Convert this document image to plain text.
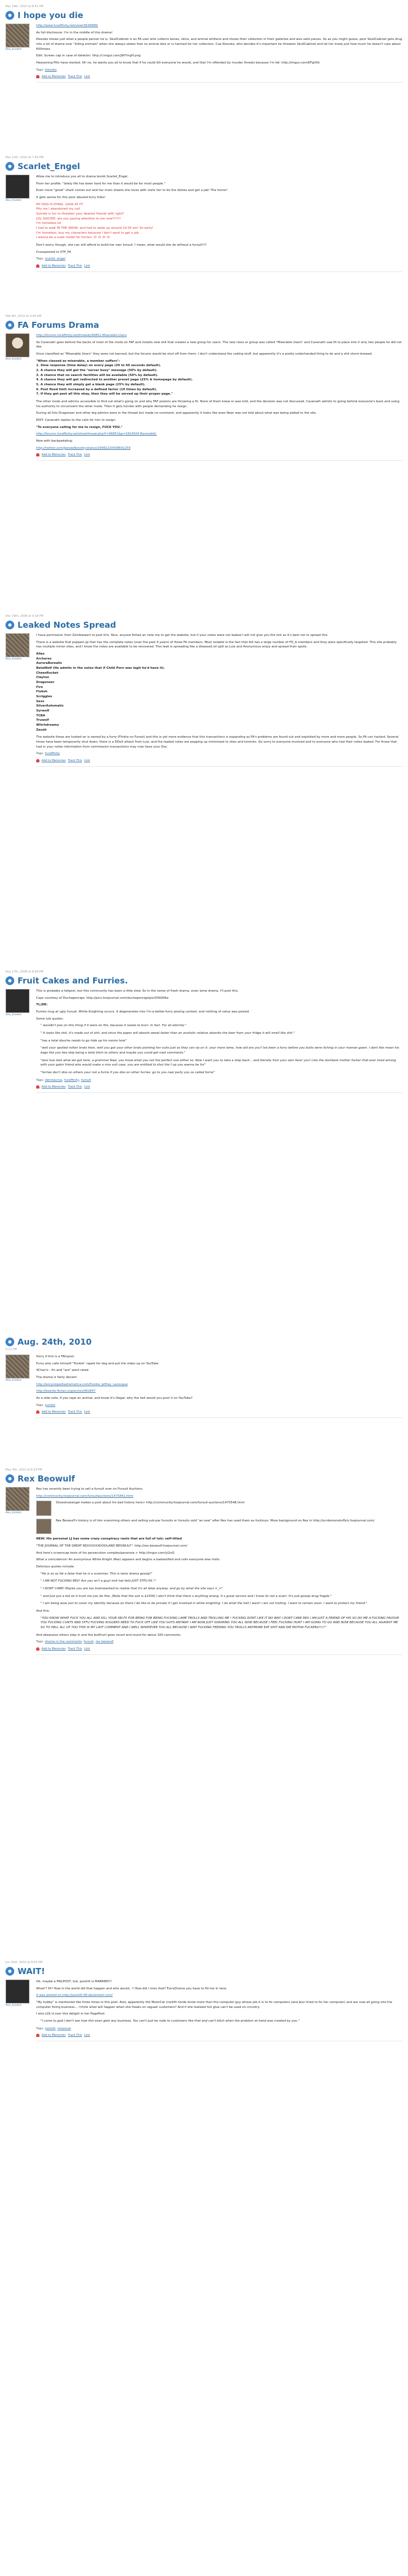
Mar 19th, 2010 at 8:41 PM
I hope you die
Alex_Incidect

http://www.furaffinity.net/view/3636888/

As full disclosure: I'm in the middle of this drama!

Klevoko shows just what a people person he is. SkullCabinet is an FA user who collects bones, skins, and animal artifacts and shows their collection in their galleries and also sells pieces. So as you might guess, poor SkullCabinet gets drug into a lot of drama over "killing animals" when she always states that no animal dies or is harmed for her collection. Cue Klevoko, who decides it's important he threaten SkullCabinet and let her know just how much he doesn't care about 600mass.

Edit: Screen cap in case of deletion: http://i.imgur.com/J9f7mgH.png

Heavening Pills have started: Oh no, he wants you all to know that if he could kill everyone he would, and that I'm offended by murder threats because I'm fat: http://imgur.com/KFgV0k

Tags: klevoko
Add to Memories Track This Link
Mar 12th, 2010 at 7:49 PM
Scarlet_Engel
Alex_Incidect

Allow me to introduce you all to drama bomb Scarlet_Engel.

From her profile: "lately life has been hard for me than it would be for most people."

Even more "great" shark comes out and her mom sheets she loves with visits her to do the dishes and get a job! The horror!

It gets worse for this poor abused furry folks!

MY DOG IS DYING. LOOK AT IT!
Pity me I abandoned my cat!
Suicide is fun to threaten your dearest friends with right?
LOL SUICIDE, are you paying attention to me now?!?!?!
I'm homeless lol
I had to walk IN THE SNOW, and had to wake up around 10:30 am! So early!
I'm homeless, buy my characters because I don't want to get a job.
I wanna be a nude model for furries! :D :D :D :D

Don't worry though, she can still afford to build her own fursuit. I mean, what would she do without a fursuit?!?

Crossposted to VTP_FA

Tags: scarlet_engel
Add to Memories Track This Link
Feb 4th, 2010 at 2:40 AM
FA Forums Drama
Alex_Incidect

http://forums.furaffinity.net/threads/96851-Miserable-Users

So Cavenath goes behind the backs of most of the mods on FAF and installs new shit that creates a new group for users. The new class or group was called "Miserable Users" and Cavenath saw fit to place into it only two people he did not like.

Once classified as "Miserable Users" they were not banned, but the forums would be shut off from them. I don't understand the coding stuff, but apparently it's a pretty underhanded thing to do and a shit storm brewed.

"When classed as miserable, a member suffers":
1. Slow response (time delay) on every page (20 to 60 seconds default).
2. A chance they will get the "server busy" message (50% by default).
3. A chance that no search facilities will be available (50% by default).
4. A chance they will get redirected to another preset page (25% & homepage by default).
5. A chance they will simply get a blank page (25% by default).
6. Post flood limit increased by a defined factor (10 times by default).
7. If they get past all this okay, then they will be served up their proper page."

The other mods and admins accessible to find out what's going on and why FAF posters are throwing a fit. None of them knew or was told, and the decision was not discussed. Cavenath admits to going behind everyone's back and using his authority to circumvent the other mods. Then it gets funnier with people demanding he resign.

During all this Dragoneer and other big admins were in the thread but made no comment, and apparently it looks like even Neer was not told about what was being added to the site.

EDIT: Cavenath replies to the calls for him to resign:

"To everyone calling for me to resign, FUCK YOU."

http://forums.furaffinity.net/showthread.php?t=96851&p=1824504 Banneddd.

Now with backpedaling:

http://twitter.com/JeeveeNovelty/status/16482220438642259

Add to Memories Track This Link
Dec 29th, 2009 at 4:18 PM
Leaked Notes Spread
Alex_Incidect

I have permission from Zombiewert to post this. Nice, anyone fished an note me to get the website, but if your notes were not leaked I will not give you the link as it's best not to spread this.

There is a website that popped up that has the complete notes (over the past 4 years) of these FA members. Most notable is the fact that fell has a large number of FD_A members and they were specifically targeted. This site probably has multiple mirror sites, and I know the notes are available to be recovered. This leak is spreading like a diseased oil spill as Lulz and Anonymous enjoy and spread their spoils.

Allas
Archeres
AuroraBorealis
BetaWolf (He admits in the notes that if Child Porn was legit he'd have it).
CheesRocket
Clayton
Dragoneer
Firo
Floksh
Scriggles
Sexx
SilverAutomatic
Syrwolf
TCBA
Truwolf
Witchdreamy
Zaush

The website these are hosted on is owned by a furry (Flinkie on Fursei) and this is yet more evidence that this transactions is expanding as FA's problems are found out and exploited by more and more people. So FA can hacked. Several times have been temporarily shut down, there is a DDoS attack from Lulz, and the leaked notes are popping up minimized to sites and torrents. Go sorry to everyone involved and to everyone who had their notes leaked. For those that had in your notes information from commission transactions may now have your Doc.

Tags: furaffinity
Add to Memories Track This Link
Sep 17th, 2009 at 8:09 PM
Fruit Cakes and Furries.
Alex_Incidect

This is probably a fallpost, but this community has been a little slow. So in the name of fresh drama, even lame drama, I'll post this.

Caps courtesy of Duchapenrige: http://pics.livejournal.com/duchapenrige/pic/000006a

TL;DR:

Furries mug at ugly fursuit, White Knighting occurs. It degenerates into I'm-a-better-furry pissing contest, and nothing of value was posted.

Some lulz quotes:

" wouldn't poo on this thing if it were on fire, because it needs to burn. In fact. For all eternity."
" It looks like shit, it's made out of shit, and since the paper will absorb sweat faster than an acoholic relative absorbs the beer from your fridge it will smell like shit."
"has a total douche needs to go hide up his moms hole"
"well your spoiled rotten brats then, well you got your other brats pointing her suits just as they can rip on it. your more lame, how old are you? Ive been a furry before you butts were itching in your maman gown. I dont like mean his bags like you two skip being a total bitch to others and maybe you could get nast comments."
"woo hoo look what we got here, a grammar Nazi, you know what you not the perfect one either so. Now I want you to take a step back... and literally fuck your own face! you! Like the dumbest mother fucker that ever lived among with your gator friend who would make a nice suit case. you are entitled to shut the f up you wanna be fur"
"furries don't diss on others your not a furrie if you diss on other furries. go to you nazi party you so called furrie"
Tags: denmacrux, furaffinity, fursuit
Add to Memories Track This Link
Aug. 24th, 2010
9:22 PM
Alex_Incidect

Sorry if this is a FAILpost.

Furry who calls himself "Punkie" raped his dog and put the video up on YouTube

4Chan's - fin and "are" went rated

The drama is fairly decent:

http://encyclopediadramatica.com/Punkie_Jeffrey_Lanzuque

http://boards.4chan.org/an/res/462847

As a side note, if you rape an animal, and know it's illegal, why the hell would you post it on YouTube?

Tags: punkie
Add to Memories Track This Link
May 4th, 2010 at 8:19 PM
Rex Beowulf
Alex_Incidect

Rex has recently been trying to sell a fursuit over on Fursuit Auctions.

http://community.livejournal.com/fursuitauctions/1475842.html

Shoeshowangel makes a post about his bad history here> http://community.livejournal.com/fursuit-auctions/1475548.html

Rex Beowulf's history is of him scamming others and selling sub-par fursuits or fursuits sold "as new" after Rex has used them as fucktoys. More background on Rex in http://ocrdemonstuffs/s.livejournal.com/

NEW: His personal LJ has some crazy conspiracy rants that are full of lulz: self-titled

"THE JOURNAL OF THE GREAT REXXXXXXOOOLAND BEOWULF": http://rex-beowulf.livejournal.com/

And here's screencap tests of his persecution complex/paranoia > http://imgur.com/yl2xQ

What a coincidence! An anonymous White Knight (Rex) appears and begins a badassified and calls everyone else trolls:

Delicious quotes include:

"He is so so fat a false that he is a scammer. This is lame drama gossip!"
" I AM NOT FUCKING REX! Are you an't a guyt troll hat falls JUST STFU KK !"
" I DONT CARE! Maybe you are too brainwashed to realize that it's all false anyway, and go by what the site says =_="
" and Just put a bid on it trust me you be fine. [Note that the suit is $1500] I don't think that there s anything wrong. It s great service and I know its not a scam. It's just gossip drug fragile."
" I am being wow just to cover my identity because on there I do like to be private if I get involved in white knighting. I do what the hell I want! I am not trolling. I want to remain anon. I want to protect my friend."

And this:

"YOU KNOW WHAT FUCK YOU ALL AND KILL YOUR SELFS FOR BEING FOR BEING FUCKING LAME TROLLS AND TROLLING ME ! FUCKING DONT LIKE IT NO WAY I DONT CARE REX I AM JUST A FRIEND OF HIS SO DO ME A FUCKING FAVOUR YOU FUCKING CUNTS AND STFU FUCKING N!GGERS NEED TO FUCK OFF LIKE YOU GUYS ANYWAY I AM NOW JUST IGNORING YOU ALL NOW BECAUSE I FEEL FUCKING HURT I AM GOING TO GO AND NOW BECAUSE YOU ALL AGAINST ME SO TO HELL ALL OF YOU THIS IS MY LAST COMMENT AND I WELL WHATEVER YOU ALL BECAUSE I AINT FUCKING FEEDING YOU TROLLS ANYMORE EAT SHIT AND DIE MOTHA FUCKERS!!!!!"

And obsessive others step in and the butthurt goes round and round for about 100 comments.

Tags: drama in the comments, fursuit, rex beowulf
Add to Memories Track This Link
Jun 20th, 2010 at 8:03 PM
WAIT!
Alex_Incidect

Ok, maybe a FAILPOST, but, pockitt is MARRIED?!

What!? Hi? How in the world did that happen and who would...? How did I miss that? FurryDrama you have to fill me in here.

It was posted on http://pockitt-08.deviantart.com/

"My hubby" is mentioned like three times in this post. Also, apparently the MoonCat (rockfit horde know more than the computer guy whose job it is to fix computers (and Jess hired to fix her computer) and are now all going into the computer fixing business... I think what will happen when she freaks on regualr customers? And if she realized hot glue can't be used on circuitry.

I also LOL'd over this delight in her PagePost:

"I come to god I don't see how this even gets any business. You can't just be rude to customers like that and can't bitch when the problem at hand was created by you."
Tags: pockitt, mooncat
Add to Memories Track This Link
